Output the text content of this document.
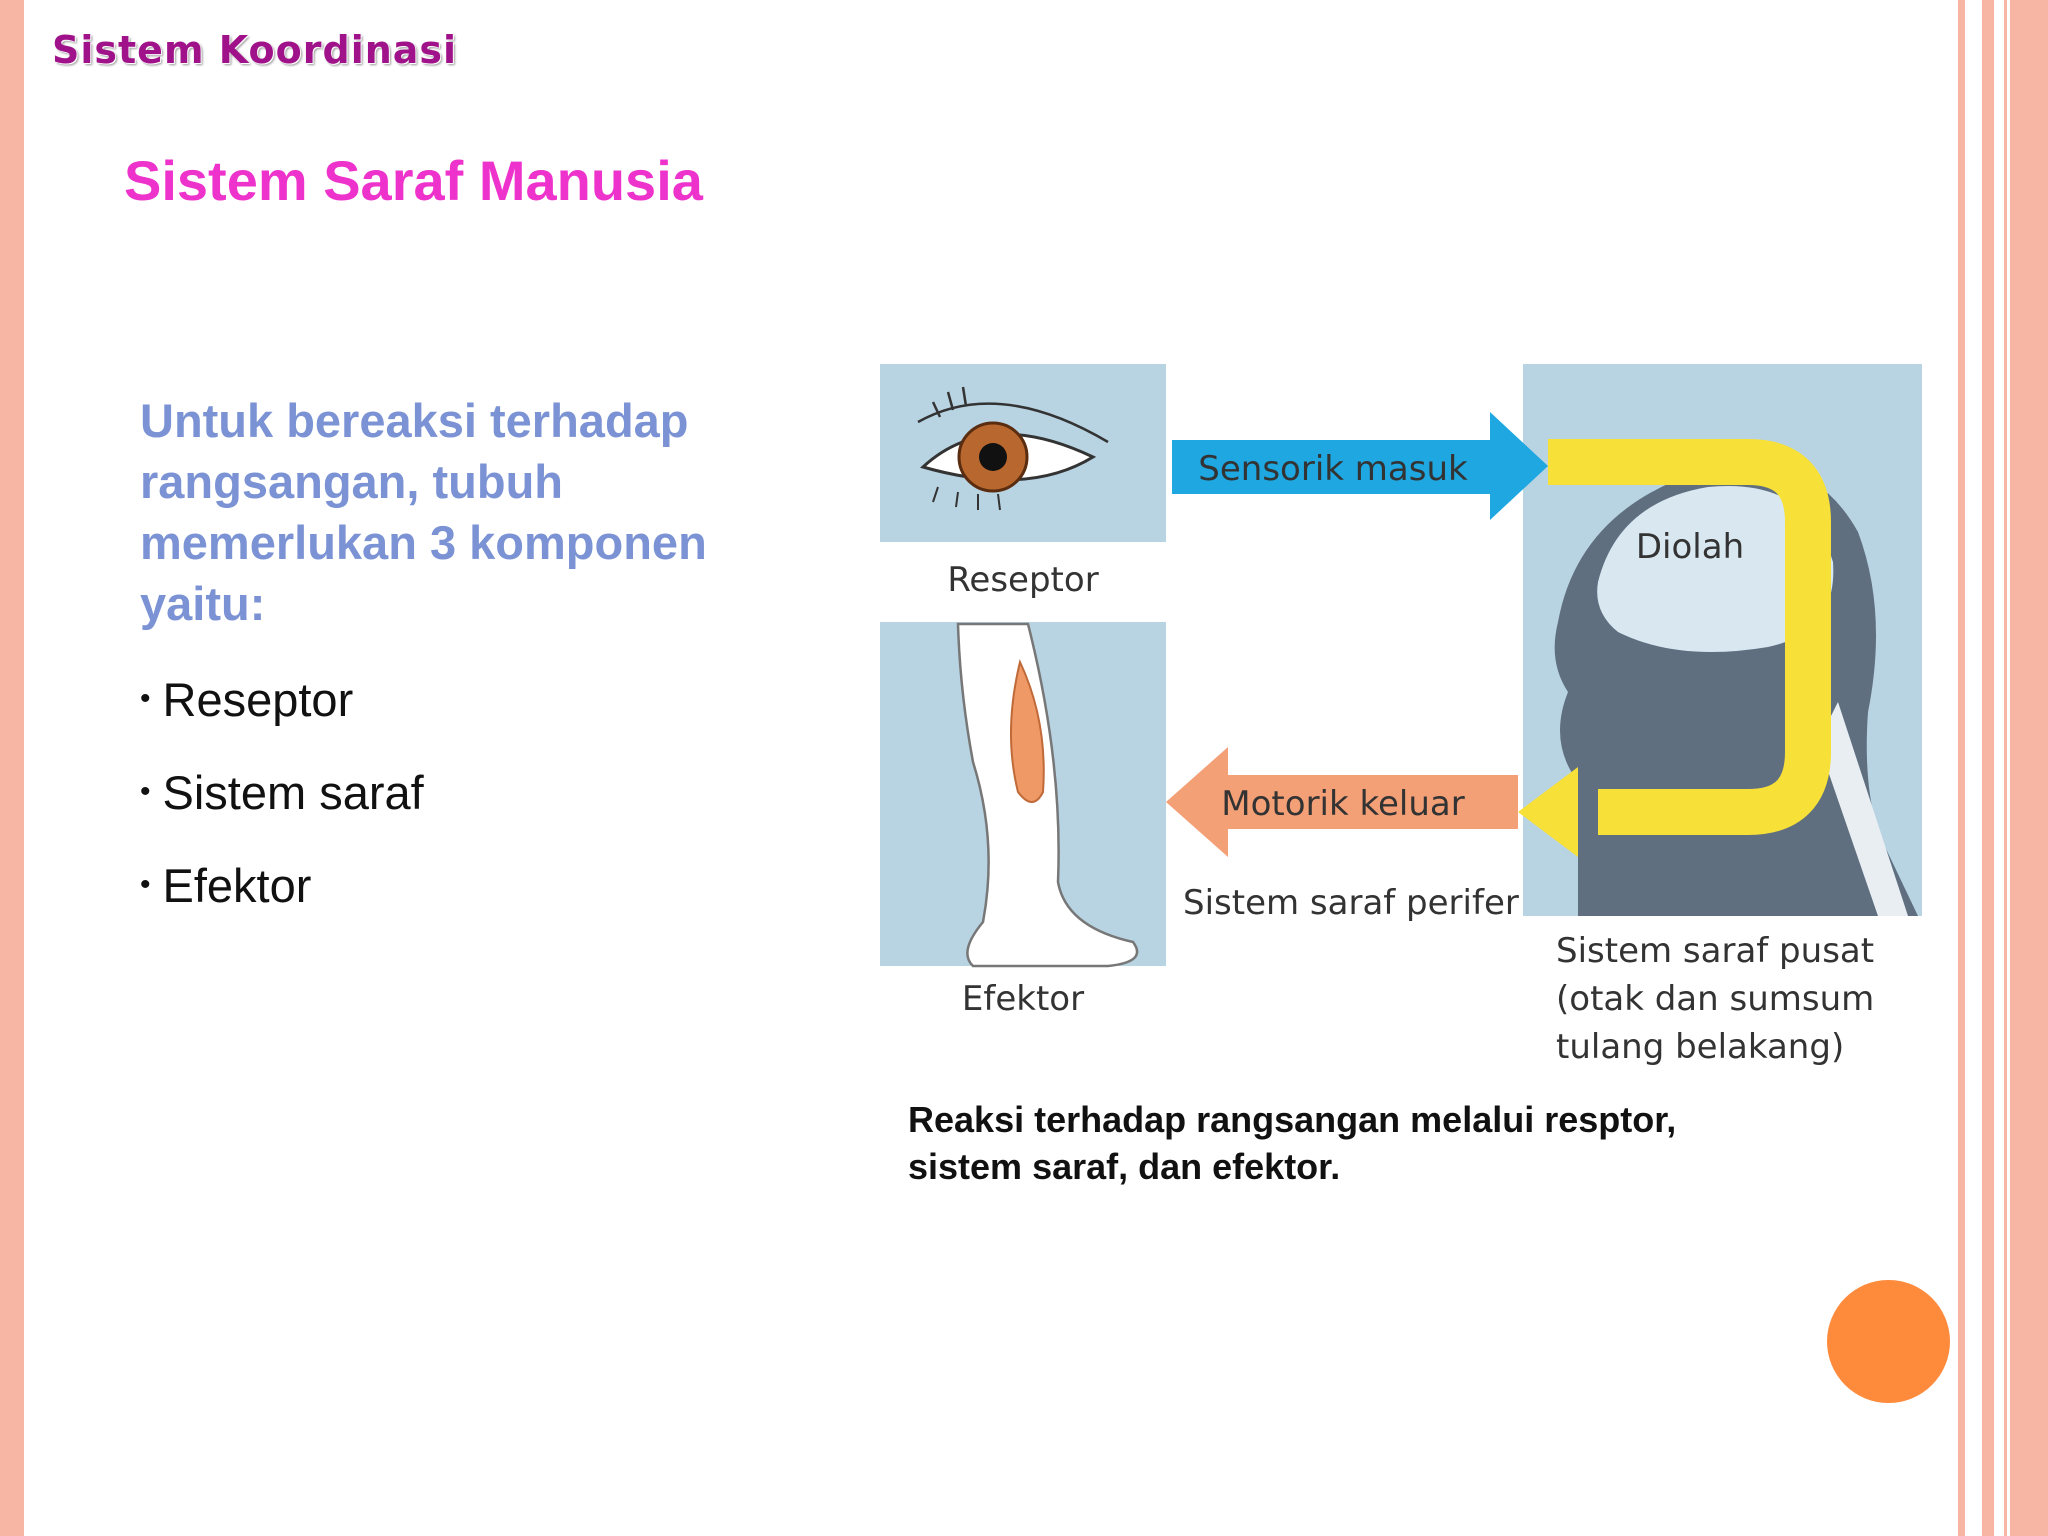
Sistem Koordinasi
Sistem Saraf Manusia
Untuk bereaksi terhadap rangsangan, tubuh memerlukan 3 komponen yaitu:
• Reseptor
• Sistem saraf
• Efektor
Reseptor
Efektor
Diolah
Sensorik masuk
Motorik keluar
Sistem saraf perifer
Sistem saraf pusat
(otak dan sumsum
tulang belakang)
Reaksi terhadap rangsangan melalui resptor,
sistem saraf, dan efektor.
